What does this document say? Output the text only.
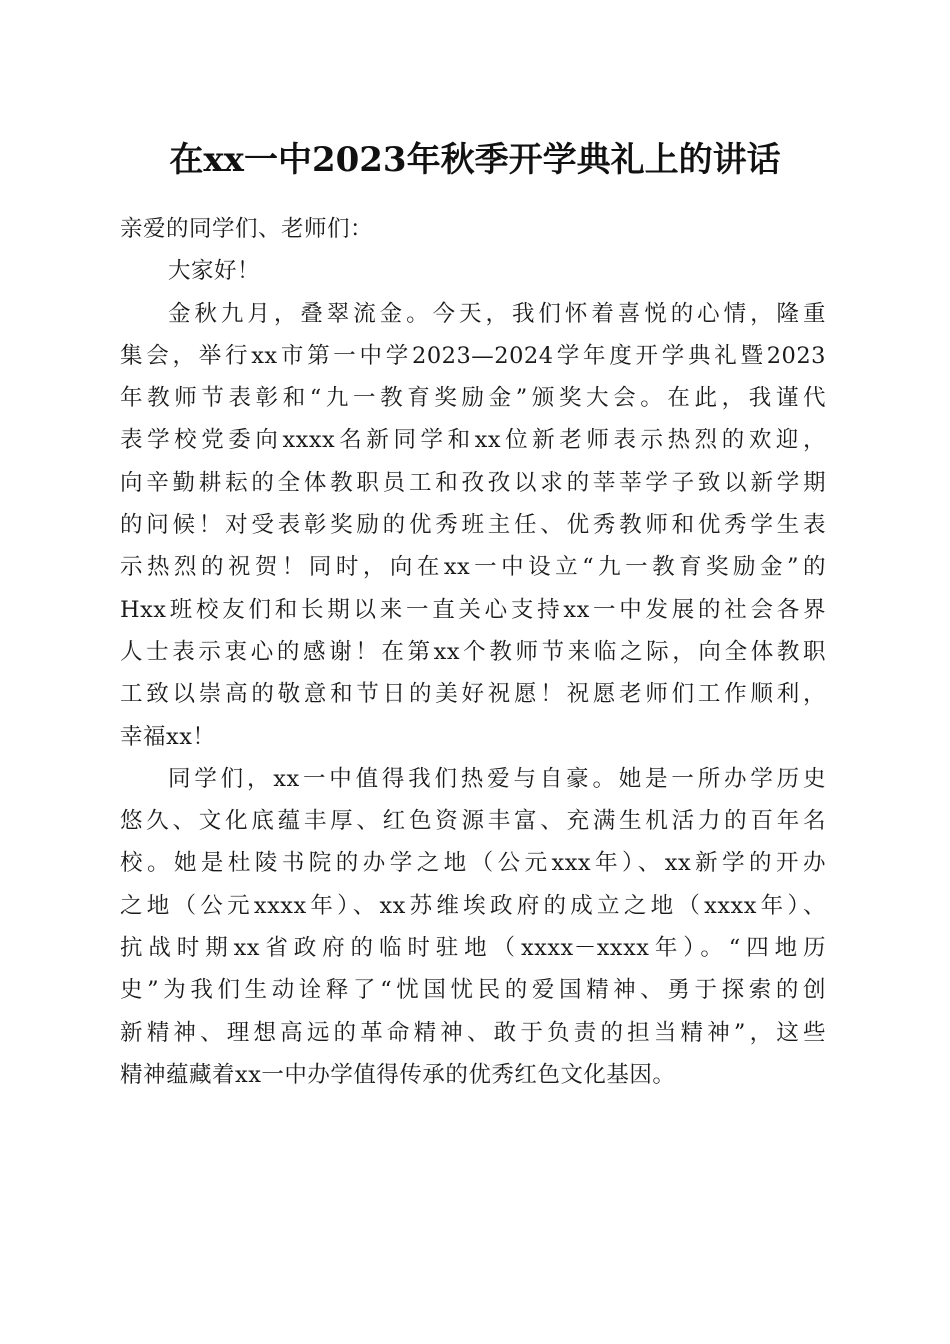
在xx一中2023年秋季开学典礼上的讲话
亲爱的同学们、老师们：
大家好！
金秋九月，叠翠流金。今天，我们怀着喜悦的心情，隆重
集会，举行xx市第一中学2023—2024学年度开学典礼暨2023
年教师节表彰和“九一教育奖励金”颁奖大会。在此，我谨代
表学校党委向xxxx名新同学和xx位新老师表示热烈的欢迎，
向辛勤耕耘的全体教职员工和孜孜以求的莘莘学子致以新学期
的问候！对受表彰奖励的优秀班主任、优秀教师和优秀学生表
示热烈的祝贺！同时，向在xx一中设立“九一教育奖励金”的
Hxx班校友们和长期以来一直关心支持xx一中发展的社会各界
人士表示衷心的感谢！在第xx个教师节来临之际，向全体教职
工致以崇高的敬意和节日的美好祝愿！祝愿老师们工作顺利，
幸福xx！
同学们，xx一中值得我们热爱与自豪。她是一所办学历史
悠久、文化底蕴丰厚、红色资源丰富、充满生机活力的百年名
校。她是杜陵书院的办学之地（公元xxx年）、xx新学的开办
之地（公元xxxx年）、xx苏维埃政府的成立之地（xxxx年）、
抗战时期xx省政府的临时驻地（xxxx－xxxx年）。“四地历
史”为我们生动诠释了“忧国忧民的爱国精神、勇于探索的创
新精神、理想高远的革命精神、敢于负责的担当精神”，这些
精神蕴藏着xx一中办学值得传承的优秀红色文化基因。
